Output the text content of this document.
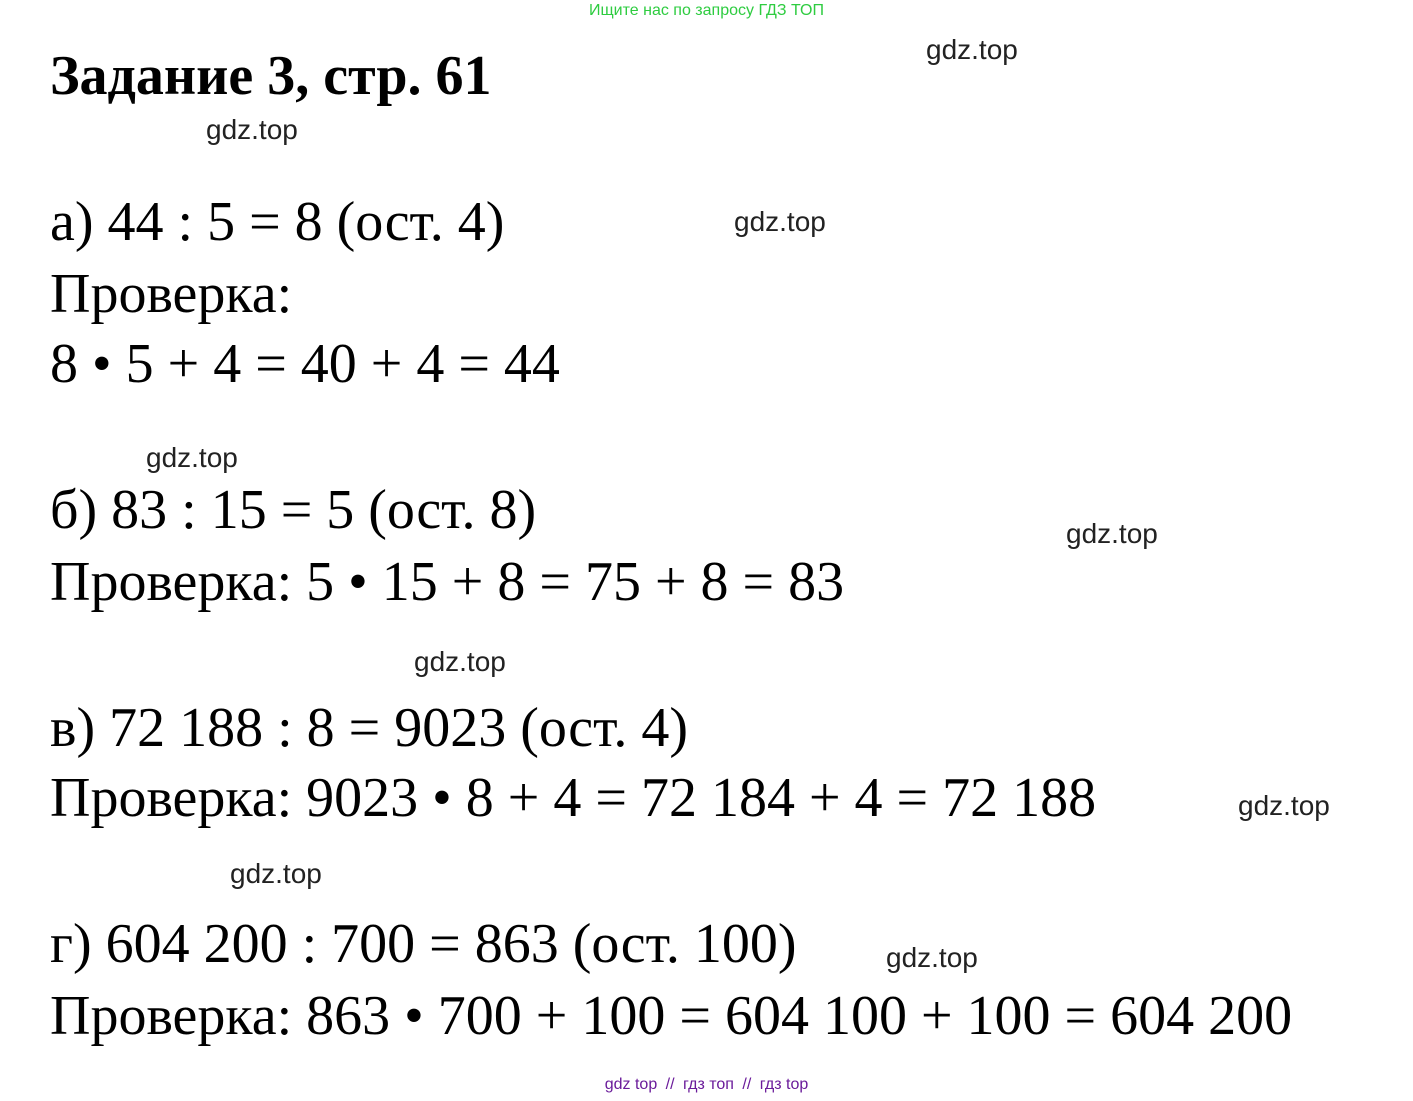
Ищите нас по запросу ГДЗ ТОП
Задание 3, стр. 61

а) 44 : 5 = 8 (ост. 4)

Проверка:

8 • 5 + 4 = 40 + 4 = 44

б) 83 : 15 = 5 (ост. 8)

Проверка: 5 • 15 + 8 = 75 + 8 = 83

в) 72 188 : 8 = 9023 (ост. 4)

Проверка: 9023 • 8 + 4 = 72 184 + 4 = 72 188

г) 604 200 : 700 = 863 (ост. 100)

Проверка: 863 • 700 + 100 = 604 100 + 100 = 604 200

gdz.top
gdz.top
gdz.top
gdz.top
gdz.top
gdz.top
gdz.top
gdz.top
gdz.top
gdz top // гдз топ // гдз top
